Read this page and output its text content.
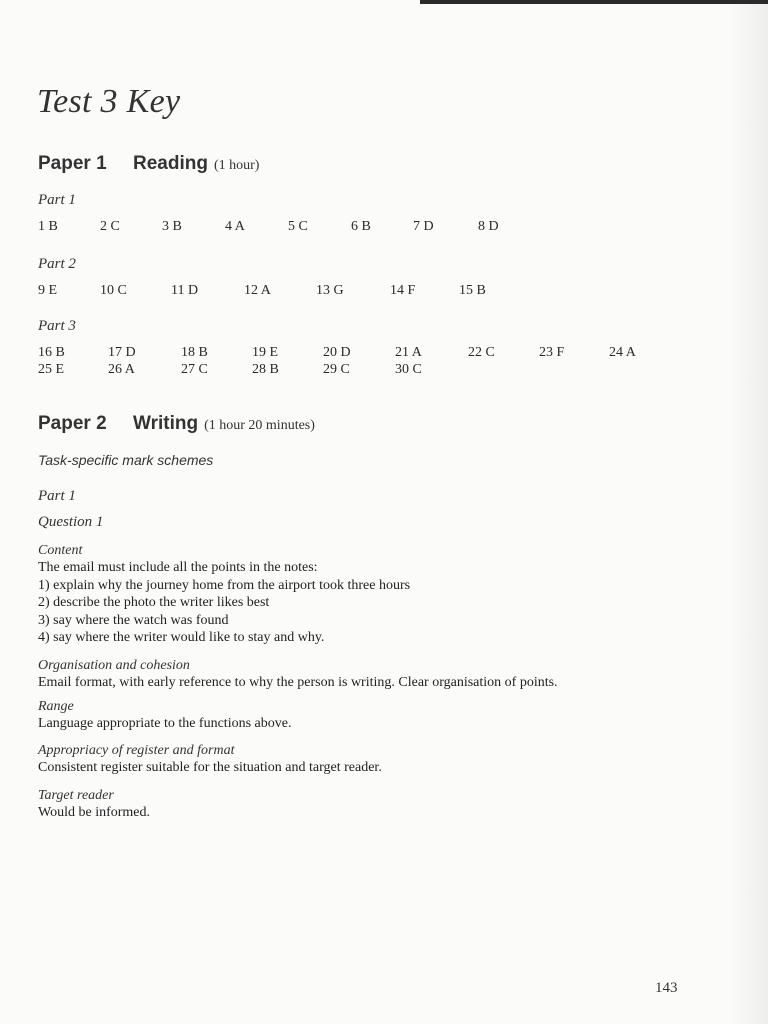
Test 3 Key
Paper 1 Reading (1 hour)
Part 1
1 B	2 C	3 B	4 A	5 C	6 B	7 D	8 D
Part 2
9 E	10 C	11 D	12 A	13 G	14 F	15 B
Part 3
16 B	17 D	18 B	19 E	20 D	21 A	22 C	23 F	24 A
25 E	26 A	27 C	28 B	29 C	30 C
Paper 2 Writing (1 hour 20 minutes)
Task-specific mark schemes
Part 1
Question 1
Content
The email must include all the points in the notes:
1) explain why the journey home from the airport took three hours
2) describe the photo the writer likes best
3) say where the watch was found
4) say where the writer would like to stay and why.
Organisation and cohesion
Email format, with early reference to why the person is writing. Clear organisation of points.
Range
Language appropriate to the functions above.
Appropriacy of register and format
Consistent register suitable for the situation and target reader.
Target reader
Would be informed.
143
